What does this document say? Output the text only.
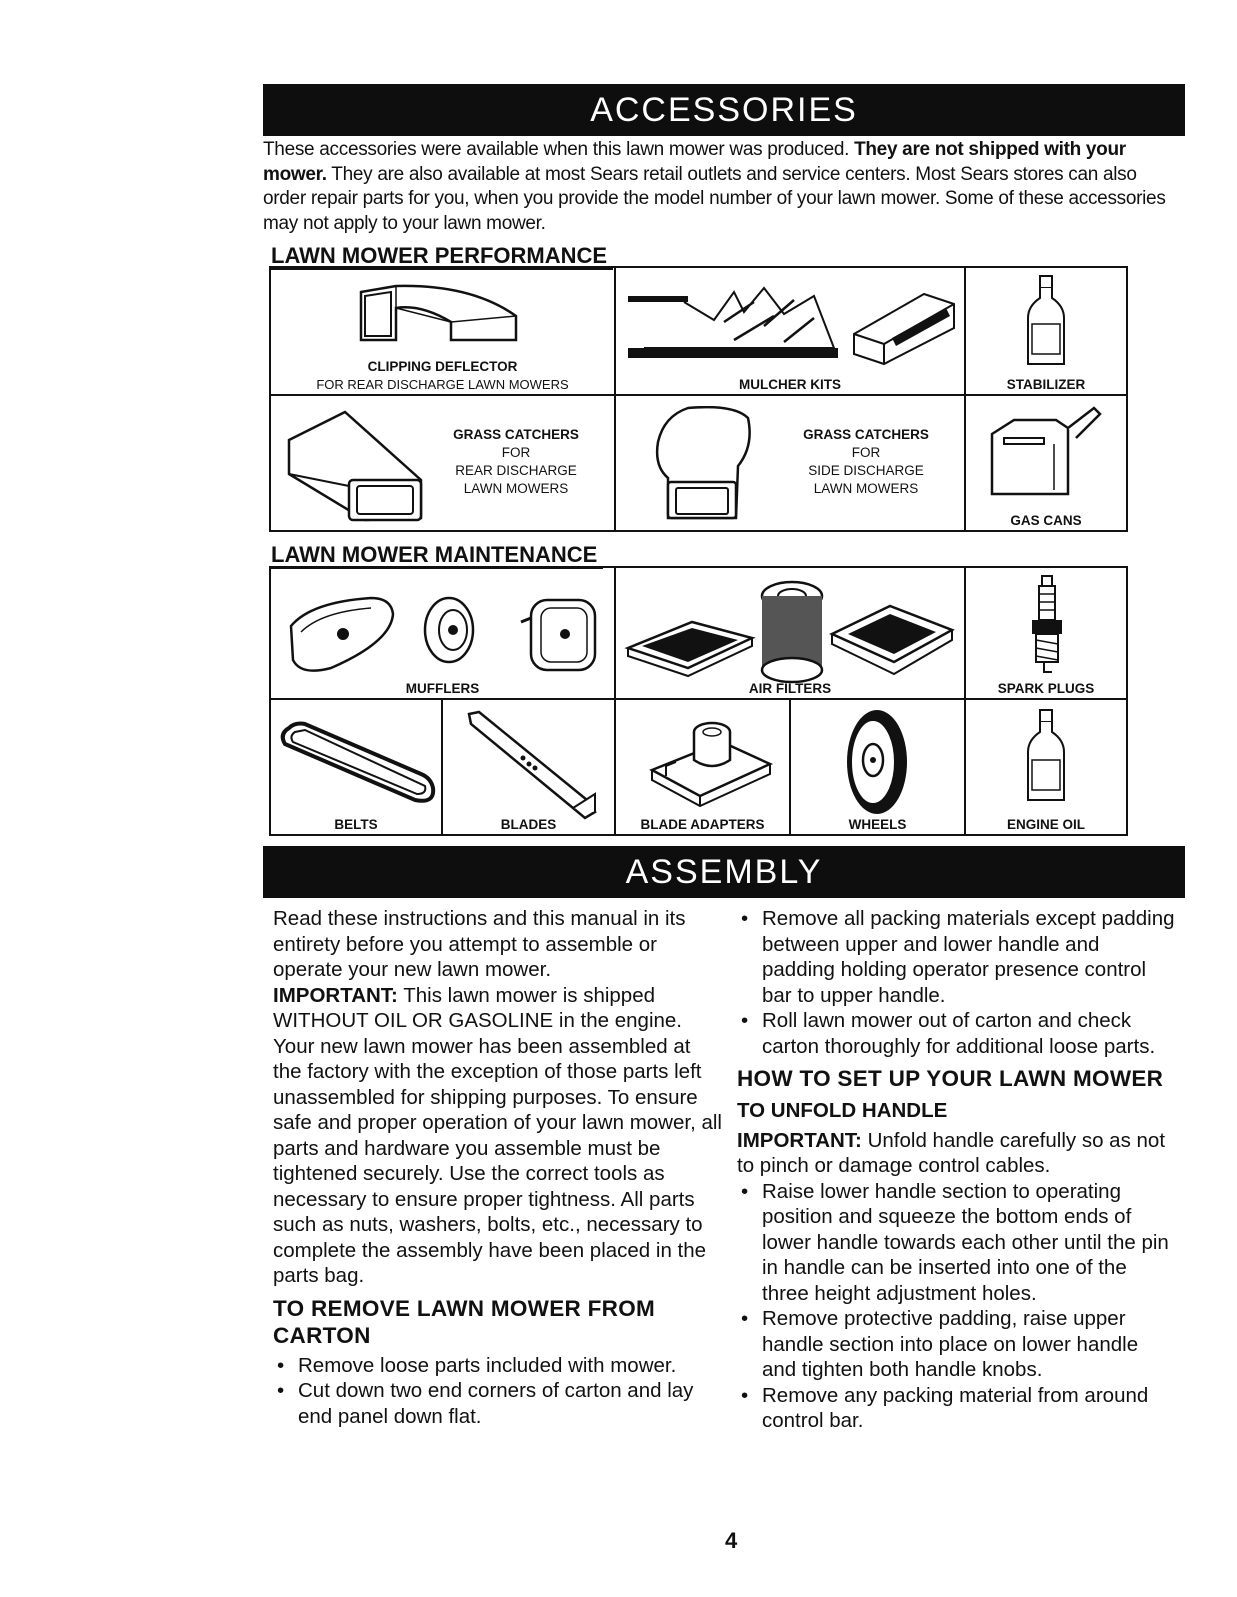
ACCESSORIES
These accessories were available when this lawn mower was produced. They are not shipped with your mower. They are also available at most Sears retail outlets and service centers. Most Sears stores can also order repair parts for you, when you provide the model number of your lawn mower. Some of these accessories may not apply to your lawn mower.
LAWN MOWER PERFORMANCE
CLIPPING DEFLECTOR
FOR REAR DISCHARGE LAWN MOWERS	MULCHER KITS	STABILIZER

GRASS CATCHERS
FOR
REAR DISCHARGE
LAWN MOWERS	GRASS CATCHERS
FOR
SIDE DISCHARGE
LAWN MOWERS	GAS CANS
LAWN MOWER MAINTENANCE
MUFFLERS		AIR FILTERS		SPARK PLUGS

BELTS	BLADES	BLADE ADAPTERS	WHEELS	ENGINE OIL
ASSEMBLY

Read these instructions and this manual in its entirety before you attempt to assemble or operate your new lawn mower.

IMPORTANT: This lawn mower is shipped WITHOUT OIL OR GASOLINE in the engine.

Your new lawn mower has been assembled at the factory with the exception of those parts left unassembled for shipping purposes. To ensure safe and proper operation of your lawn mower, all parts and hardware you assemble must be tightened securely. Use the correct tools as necessary to ensure proper tightness. All parts such as nuts, washers, bolts, etc., necessary to complete the assembly have been placed in the parts bag.

TO REMOVE LAWN MOWER FROM CARTON
• Remove loose parts included with mower.
• Cut down two end corners of carton and lay end panel down flat.
• Remove all packing materials except padding between upper and lower handle and padding holding operator presence control bar to upper handle.
• Roll lawn mower out of carton and check carton thoroughly for additional loose parts.
HOW TO SET UP YOUR LAWN MOWER
TO UNFOLD HANDLE

IMPORTANT: Unfold handle carefully so as not to pinch or damage control cables.

• Raise lower handle section to operating position and squeeze the bottom ends of lower handle towards each other until the pin in handle can be inserted into one of the three height adjustment holes.
• Remove protective padding, raise upper handle section into place on lower handle and tighten both handle knobs.
• Remove any packing material from around control bar.
4
